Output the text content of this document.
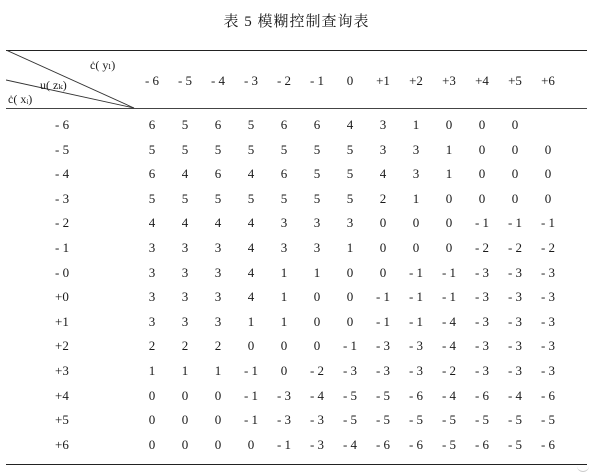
表 5 模糊控制查询表
ċ( yₗ)
u( zₖ)
ċ( xᵢ)
- 6	- 5	- 4	- 3	- 2	- 1	0	+1	+2	+3	+4	+5	+6
- 6	6	5	6	5	6	6	4	3	1	0	0	0
- 5	5	5	5	5	5	5	5	3	3	1	0	0	0
- 4	6	4	6	4	6	5	5	4	3	1	0	0	0
- 3	5	5	5	5	5	5	5	2	1	0	0	0	0
- 2	4	4	4	4	3	3	3	0	0	0	- 1	- 1	- 1
- 1	3	3	3	4	3	3	1	0	0	0	- 2	- 2	- 2
- 0	3	3	3	4	1	1	0	0	- 1	- 1	- 3	- 3	- 3
+0	3	3	3	4	1	0	0	- 1	- 1	- 1	- 3	- 3	- 3
+1	3	3	3	1	1	0	0	- 1	- 1	- 4	- 3	- 3	- 3
+2	2	2	2	0	0	0	- 1	- 3	- 3	- 4	- 3	- 3	- 3
+3	1	1	1	- 1	0	- 2	- 3	- 3	- 3	- 2	- 3	- 3	- 3
+4	0	0	0	- 1	- 3	- 4	- 5	- 5	- 6	- 4	- 6	- 4	- 6
+5	0	0	0	- 1	- 3	- 3	- 5	- 5	- 5	- 5	- 5	- 5	- 5
+6	0	0	0	0	- 1	- 3	- 4	- 6	- 6	- 5	- 6	- 5	- 6
